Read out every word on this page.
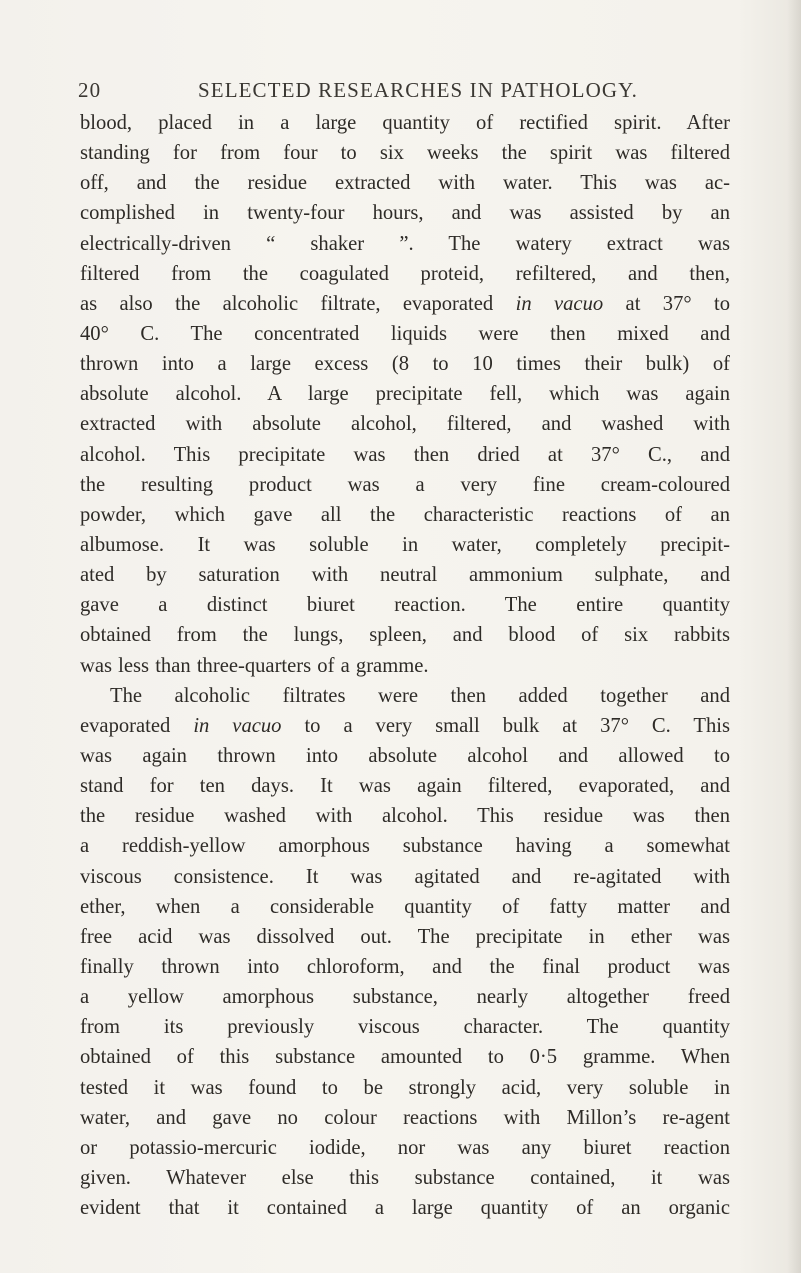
20	SELECTED RESEARCHES IN PATHOLOGY.
blood, placed in a large quantity of rectified spirit. After
standing for from four to six weeks the spirit was filtered
off, and the residue extracted with water. This was ac-
complished in twenty-four hours, and was assisted by an
electrically-driven “ shaker ”. The watery extract was
filtered from the coagulated proteid, refiltered, and then,
as also the alcoholic filtrate, evaporated in vacuo at 37° to
40° C. The concentrated liquids were then mixed and
thrown into a large excess (8 to 10 times their bulk) of
absolute alcohol. A large precipitate fell, which was again
extracted with absolute alcohol, filtered, and washed with
alcohol. This precipitate was then dried at 37° C., and
the resulting product was a very fine cream-coloured
powder, which gave all the characteristic reactions of an
albumose. It was soluble in water, completely precipit-
ated by saturation with neutral ammonium sulphate, and
gave a distinct biuret reaction. The entire quantity
obtained from the lungs, spleen, and blood of six rabbits
was less than three-quarters of a gramme.
The alcoholic filtrates were then added together and
evaporated in vacuo to a very small bulk at 37° C. This
was again thrown into absolute alcohol and allowed to
stand for ten days. It was again filtered, evaporated, and
the residue washed with alcohol. This residue was then
a reddish-yellow amorphous substance having a somewhat
viscous consistence. It was agitated and re-agitated with
ether, when a considerable quantity of fatty matter and
free acid was dissolved out. The precipitate in ether was
finally thrown into chloroform, and the final product was
a yellow amorphous substance, nearly altogether freed
from its previously viscous character. The quantity
obtained of this substance amounted to 0·5 gramme. When
tested it was found to be strongly acid, very soluble in
water, and gave no colour reactions with Millon’s re-agent
or potassio-mercuric iodide, nor was any biuret reaction
given. Whatever else this substance contained, it was
evident that it contained a large quantity of an organic
